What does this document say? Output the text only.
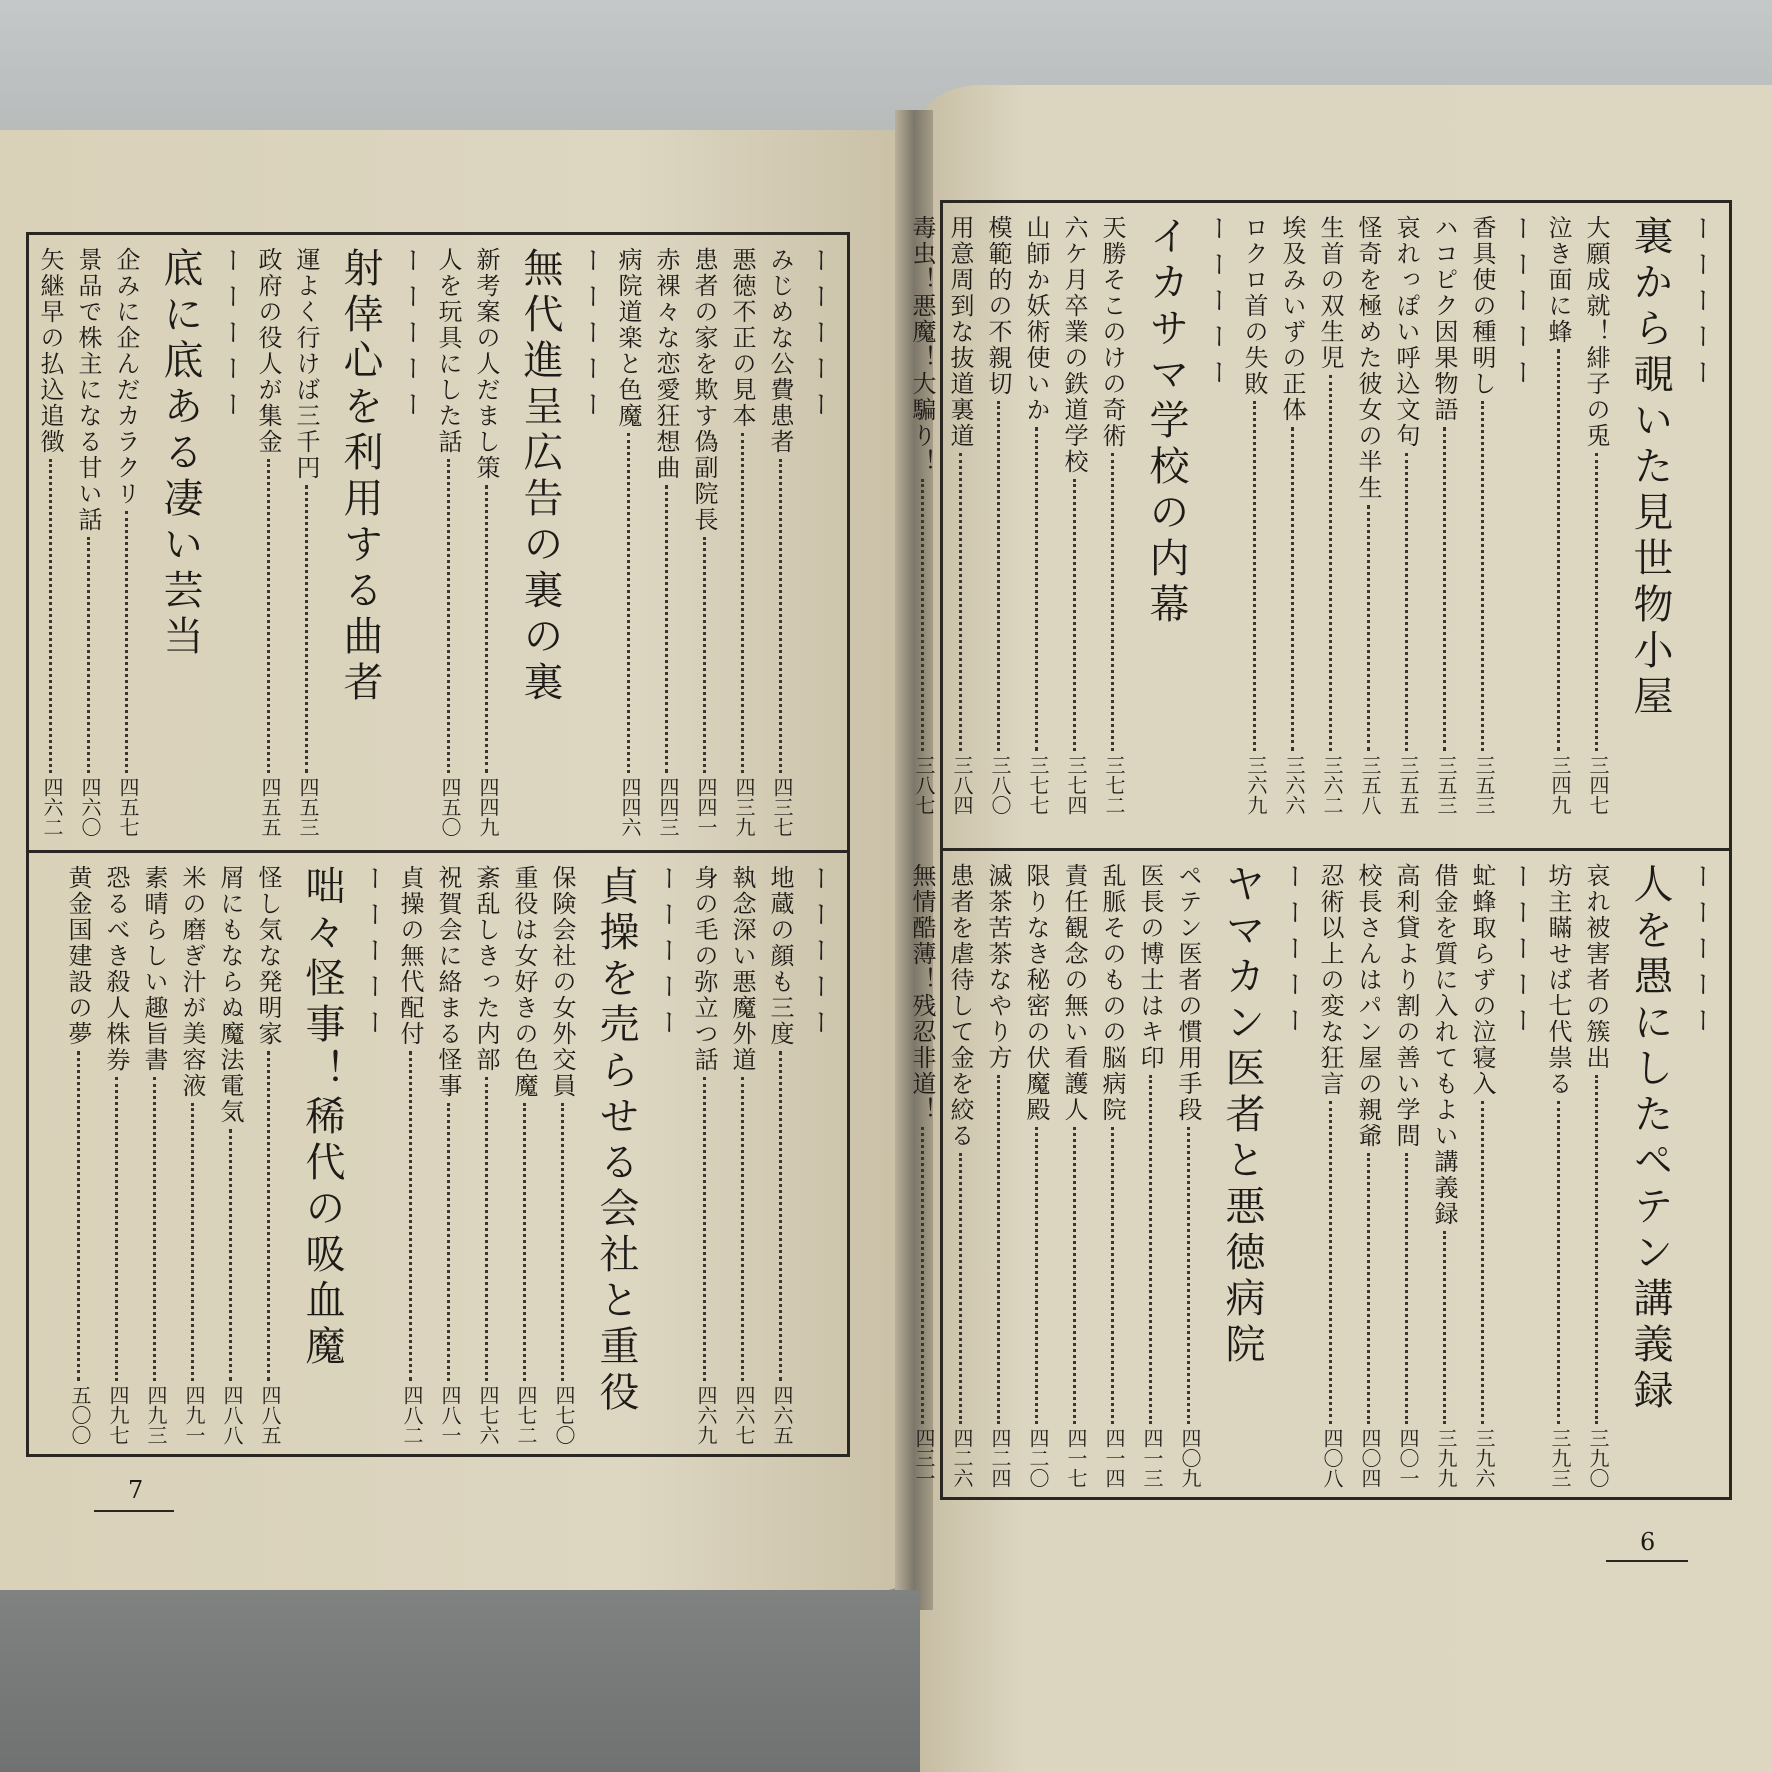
ーーーーー
裏から覗いた見世物小屋
大願成就！緋子の兎
三四七
泣き面に蜂
三四九
ーーーーー
香具使の種明し
三五三
ハコピク因果物語
三五三
哀れっぽい呼込文句
三五五
怪奇を極めた彼女の半生
三五八
生首の双生児
三六二
埃及みいずの正体
三六六
ロクロ首の失敗
三六九
ーーーーー
イカサマ学校の内幕
天勝そこのけの奇術
三七二
六ケ月卒業の鉄道学校
三七四
山師か妖術使いか
三七七
模範的の不親切
三八〇
用意周到な抜道裏道
三八四
毒虫！悪魔！大騙り！
三八七
ーーーーー
人を愚にしたペテン講義録
哀れ被害者の簇出
三九〇
坊主瞞せば七代祟る
三九三
ーーーーー
虻蜂取らずの泣寝入
三九六
借金を質に入れてもよい講義録
三九九
高利貸より割の善い学問
四〇一
校長さんはパン屋の親爺
四〇四
忍術以上の変な狂言
四〇八
ーーーーー
ヤマカン医者と悪徳病院
ペテン医者の慣用手段
四〇九
医長の博士はキ印
四一三
乱脈そのものの脳病院
四一四
責任観念の無い看護人
四一七
限りなき秘密の伏魔殿
四二〇
滅茶苦茶なやり方
四二四
患者を虐待して金を絞る
四二六
無情酷薄！残忍非道！
四三一
ーーーーー
みじめな公費患者
四三七
悪徳不正の見本
四三九
患者の家を欺す偽副院長
四四一
赤裸々な恋愛狂想曲
四四三
病院道楽と色魔
四四六
ーーーーー
無代進呈広告の裏の裏
新考案の人だまし策
四四九
人を玩具にした話
四五〇
ーーーーー
射倖心を利用する曲者
運よく行けば三千円
四五三
政府の役人が集金
四五五
ーーーーー
底に底ある凄い芸当
企みに企んだカラクリ
四五七
景品で株主になる甘い話
四六〇
矢継早の払込追徴
四六二
ーーーーー
地蔵の顔も三度
四六五
執念深い悪魔外道
四六七
身の毛の弥立つ話
四六九
ーーーーー
貞操を売らせる会社と重役
保険会社の女外交員
四七〇
重役は女好きの色魔
四七二
紊乱しきった内部
四七六
祝賀会に絡まる怪事
四八一
貞操の無代配付
四八二
ーーーーー
咄々怪事！稀代の吸血魔
怪し気な発明家
四八五
屑にもならぬ魔法電気
四八八
米の磨ぎ汁が美容液
四九一
素晴らしい趣旨書
四九三
恐るべき殺人株券
四九七
黄金国建設の夢
五〇〇
7
6
